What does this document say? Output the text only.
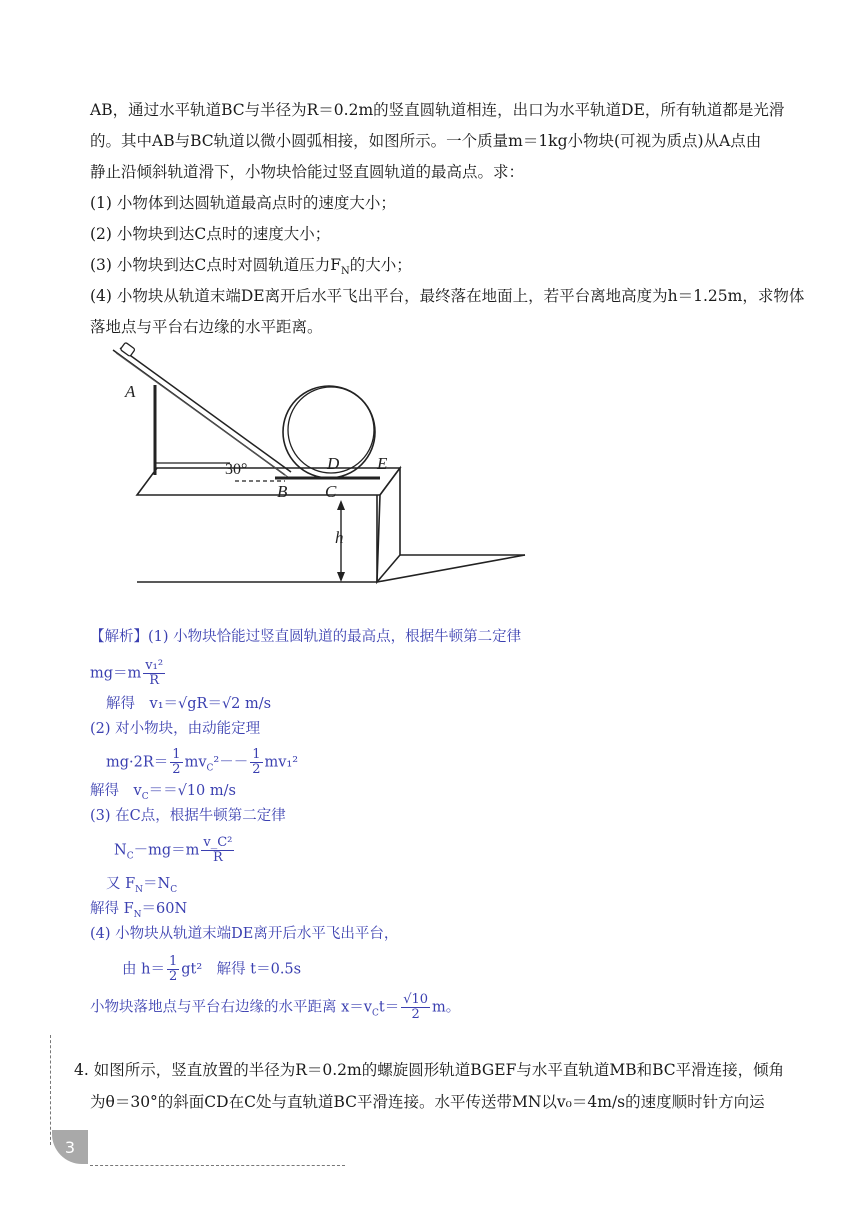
AB，通过水平轨道BC与半径为R＝0.2m的竖直圆轨道相连，出口为水平轨道DE，所有轨道都是光滑
的。其中AB与BC轨道以微小圆弧相接，如图所示。一个质量m＝1kg小物块(可视为质点)从A点由
静止沿倾斜轨道滑下，小物块恰能过竖直圆轨道的最高点。求：
(1) 小物体到达圆轨道最高点时的速度大小；
(2) 小物块到达C点时的速度大小；
(3) 小物块到达C点时对圆轨道压力$F_N$的大小；
(4) 小物块从轨道末端DE离开后水平飞出平台，最终落在地面上，若平台离地高度为h＝1.25m，求物体
落地点与平台右边缘的水平距离。
A
30°
B C
D E
h
【解析】(1) 小物块恰能过竖直圆轨道的最高点，根据牛顿第二定律
$mg=m \frac{\text{v₁²}}{R}$
解得　v₁＝√gR＝√2 m/s
(2) 对小物块，由动能定理
$mg\cdot 2R= \frac{1}{2} mv_C^2-- \frac{1}{2} mv_1^2$
解得　$v_C==√10$ m/s
(3) 在C点，根据牛顿第二定律
$N_C-mg=m \frac{\text{v\_C²}}{R}$
又 $F_N=N_C$
解得 $F_N=60N$
(4) 小物块从轨道末端DE离开后水平飞出平台，
由 $h= \frac{1}{2} gt^2$　解得 t＝0.5s
小物块落地点与平台右边缘的水平距离 $x=v_Ct= \frac{√10}{2}$ m。
4. 如图所示，竖直放置的半径为R＝0.2m的螺旋圆形轨道BGEF与水平直轨道MB和BC平滑连接，倾角
为θ＝30°的斜面CD在C处与直轨道BC平滑连接。水平传送带MN以v₀＝4m/s的速度顺时针方向运
3
